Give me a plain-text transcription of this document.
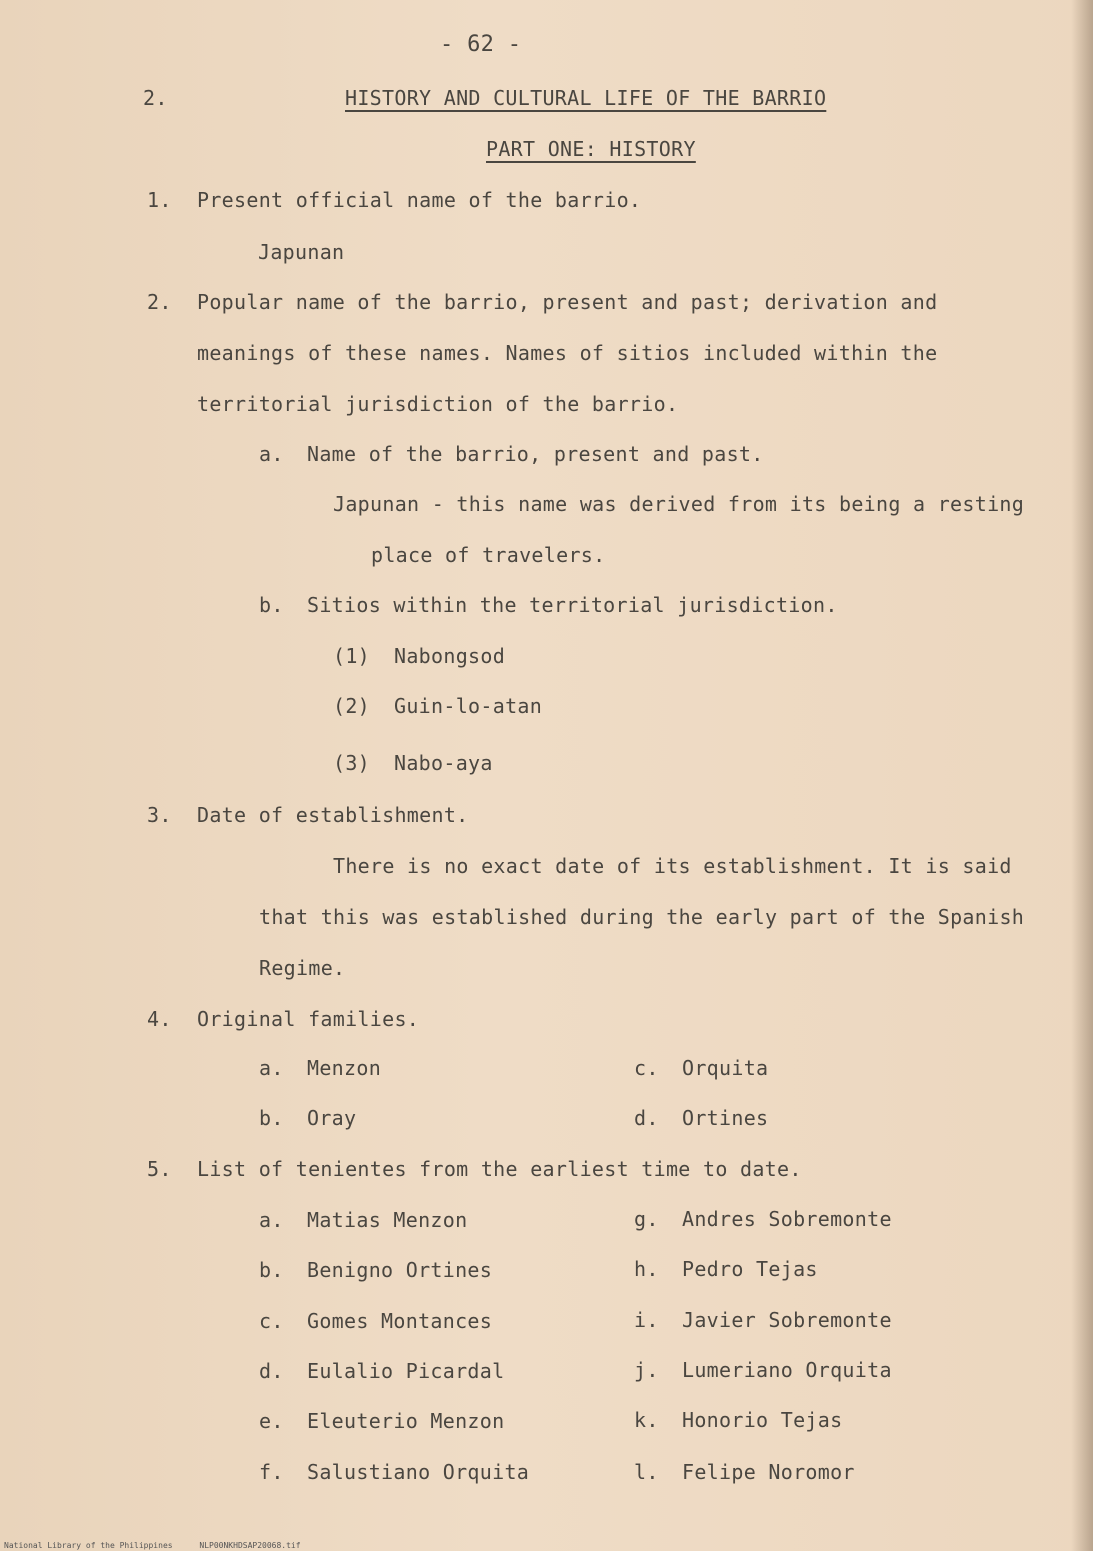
- 62 -
2.	HISTORY AND CULTURAL LIFE OF THE BARRIO
PART ONE: HISTORY
1. Present official name of the barrio.
Japunan
2. Popular name of the barrio, present and past; derivation and
meanings of these names. Names of sitios included within the
territorial jurisdiction of the barrio.
a. Name of the barrio, present and past.
Japunan - this name was derived from its being a resting
place of travelers.
b. Sitios within the territorial jurisdiction.
(1) Nabongsod
(2) Guin-lo-atan
(3) Nabo-aya
3. Date of establishment.
There is no exact date of its establishment. It is said
that this was established during the early part of the Spanish
Regime.
4. Original families.
a. Menzon
b. Oray
c. Orquita
d. Ortines
5. List of tenientes from the earliest time to date.
a. Matias Menzon
b. Benigno Ortines
c. Gomes Montances
d. Eulalio Picardal
e. Eleuterio Menzon
f. Salustiano Orquita
g. Andres Sobremonte
h. Pedro Tejas
i. Javier Sobremonte
j. Lumeriano Orquita
k. Honorio Tejas
l. Felipe Noromor
National Library of the Philippines	NLP00NKHDSAP20068.tif
